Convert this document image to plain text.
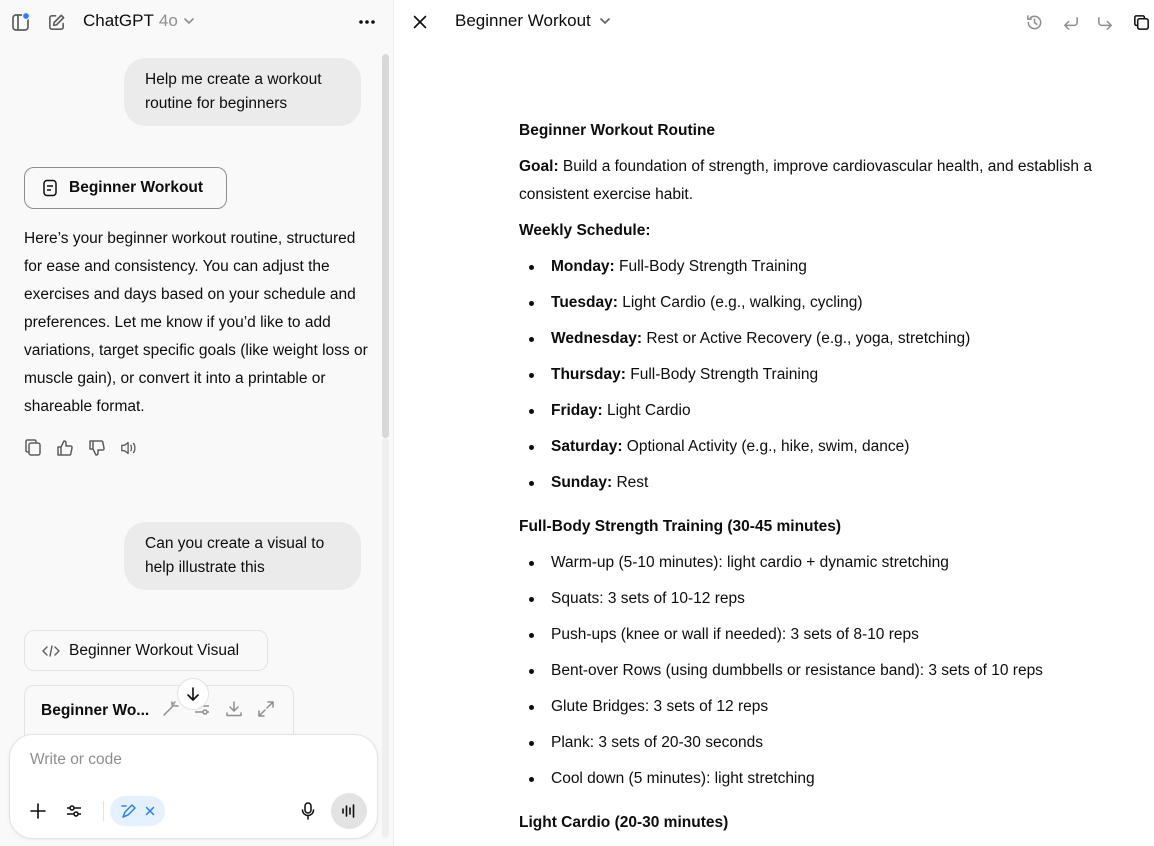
ChatGPT 4o
Help me create a workout routine for beginners
Beginner Workout
Here’s your beginner workout routine, structured for ease and consistency. You can adjust the exercises and days based on your schedule and preferences. Let me know if you’d like to add variations, target specific goals (like weight loss or muscle gain), or convert it into a printable or shareable format.
Can you create a visual to help illustrate this
Beginner Workout Visual
Beginner Wo...
Write or code
Beginner Workout
Beginner Workout Routine

Goal: Build a foundation of strength, improve cardiovascular health, and establish a consistent exercise habit.

Weekly Schedule:

Monday: Full-Body Strength Training
Tuesday: Light Cardio (e.g., walking, cycling)
Wednesday: Rest or Active Recovery (e.g., yoga, stretching)
Thursday: Full-Body Strength Training
Friday: Light Cardio
Saturday: Optional Activity (e.g., hike, swim, dance)
Sunday: Rest
Full-Body Strength Training (30-45 minutes)
Warm-up (5-10 minutes): light cardio + dynamic stretching
Squats: 3 sets of 10-12 reps
Push-ups (knee or wall if needed): 3 sets of 8-10 reps
Bent-over Rows (using dumbbells or resistance band): 3 sets of 10 reps
Glute Bridges: 3 sets of 12 reps
Plank: 3 sets of 20-30 seconds
Cool down (5 minutes): light stretching
Light Cardio (20-30 minutes)
